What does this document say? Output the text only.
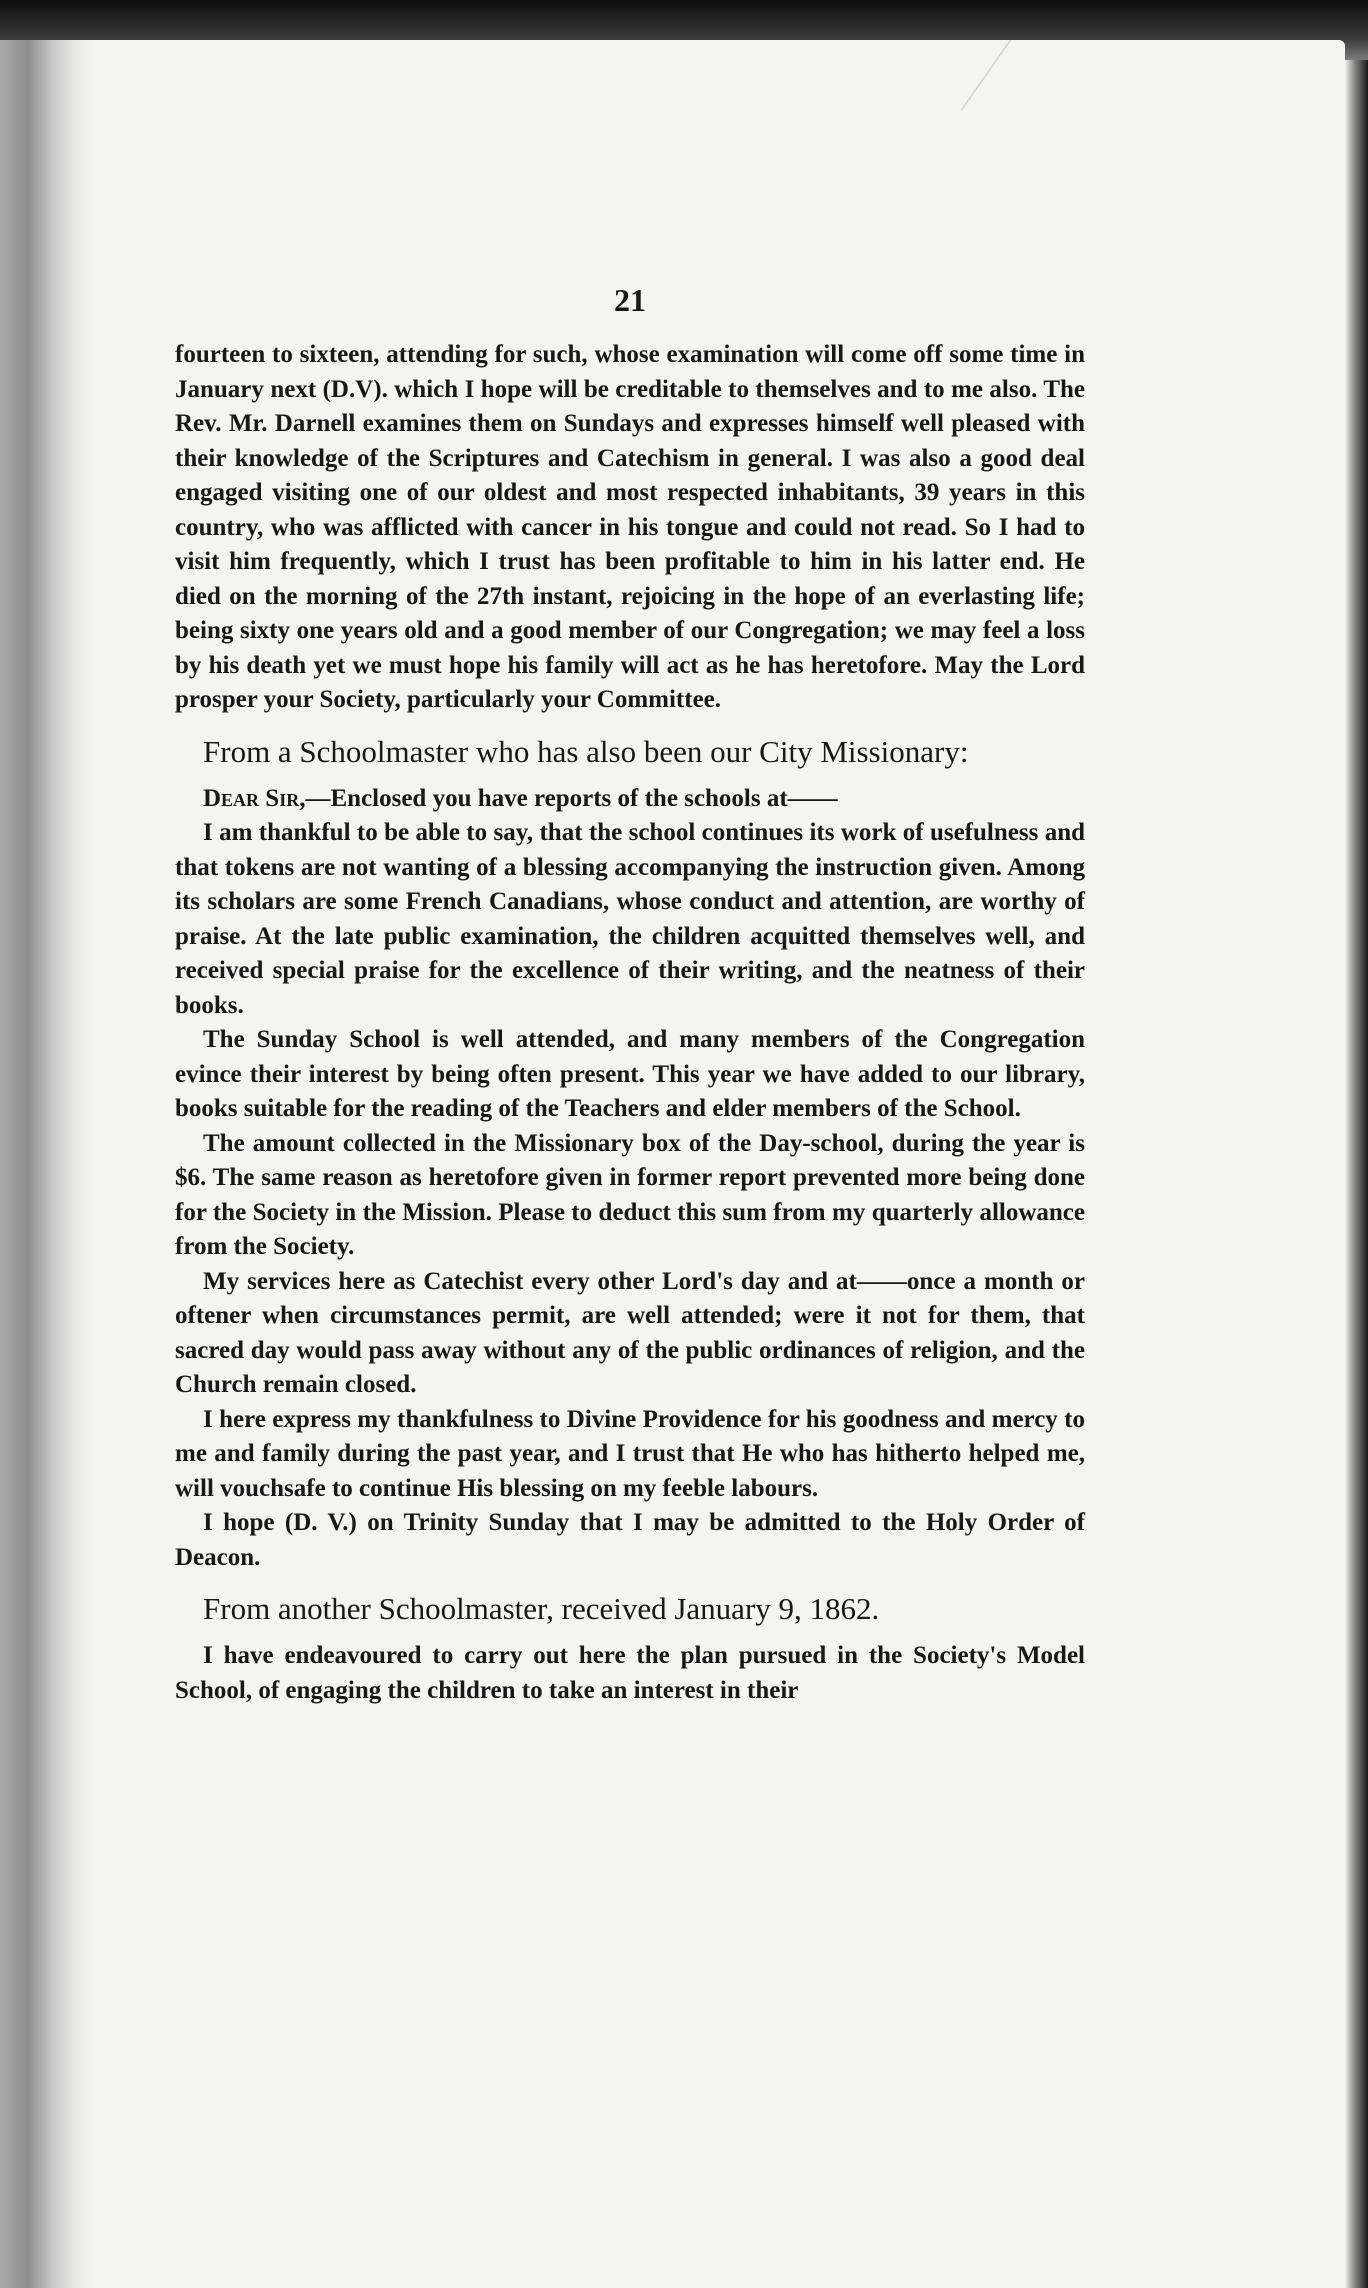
21

fourteen to sixteen, attending for such, whose examination will come off some time in January next (D.V). which I hope will be creditable to themselves and to me also. The Rev. Mr. Darnell examines them on Sundays and expresses himself well pleased with their knowledge of the Scriptures and Catechism in general. I was also a good deal engaged visiting one of our oldest and most respected inhabitants, 39 years in this country, who was afflicted with cancer in his tongue and could not read. So I had to visit him frequently, which I trust has been profitable to him in his latter end. He died on the morning of the 27th instant, rejoicing in the hope of an everlasting life; being sixty one years old and a good member of our Congregation; we may feel a loss by his death yet we must hope his family will act as he has heretofore. May the Lord prosper your Society, particularly your Committee.

From a Schoolmaster who has also been our City Missionary:

Dear Sir,—Enclosed you have reports of the schools at——

I am thankful to be able to say, that the school continues its work of usefulness and that tokens are not wanting of a blessing accompanying the instruction given. Among its scholars are some French Canadians, whose conduct and attention, are worthy of praise. At the late public examination, the children acquitted themselves well, and received special praise for the excellence of their writing, and the neatness of their books.

The Sunday School is well attended, and many members of the Congregation evince their interest by being often present. This year we have added to our library, books suitable for the reading of the Teachers and elder members of the School.

The amount collected in the Missionary box of the Day-school, during the year is $6. The same reason as heretofore given in former report prevented more being done for the Society in the Mission. Please to deduct this sum from my quarterly allowance from the Society.

My services here as Catechist every other Lord's day and at——once a month or oftener when circumstances permit, are well attended; were it not for them, that sacred day would pass away without any of the public ordinances of religion, and the Church remain closed.

I here express my thankfulness to Divine Providence for his goodness and mercy to me and family during the past year, and I trust that He who has hitherto helped me, will vouchsafe to continue His blessing on my feeble labours.

I hope (D. V.) on Trinity Sunday that I may be admitted to the Holy Order of Deacon.

From another Schoolmaster, received January 9, 1862.

I have endeavoured to carry out here the plan pursued in the Society's Model School, of engaging the children to take an interest in their
